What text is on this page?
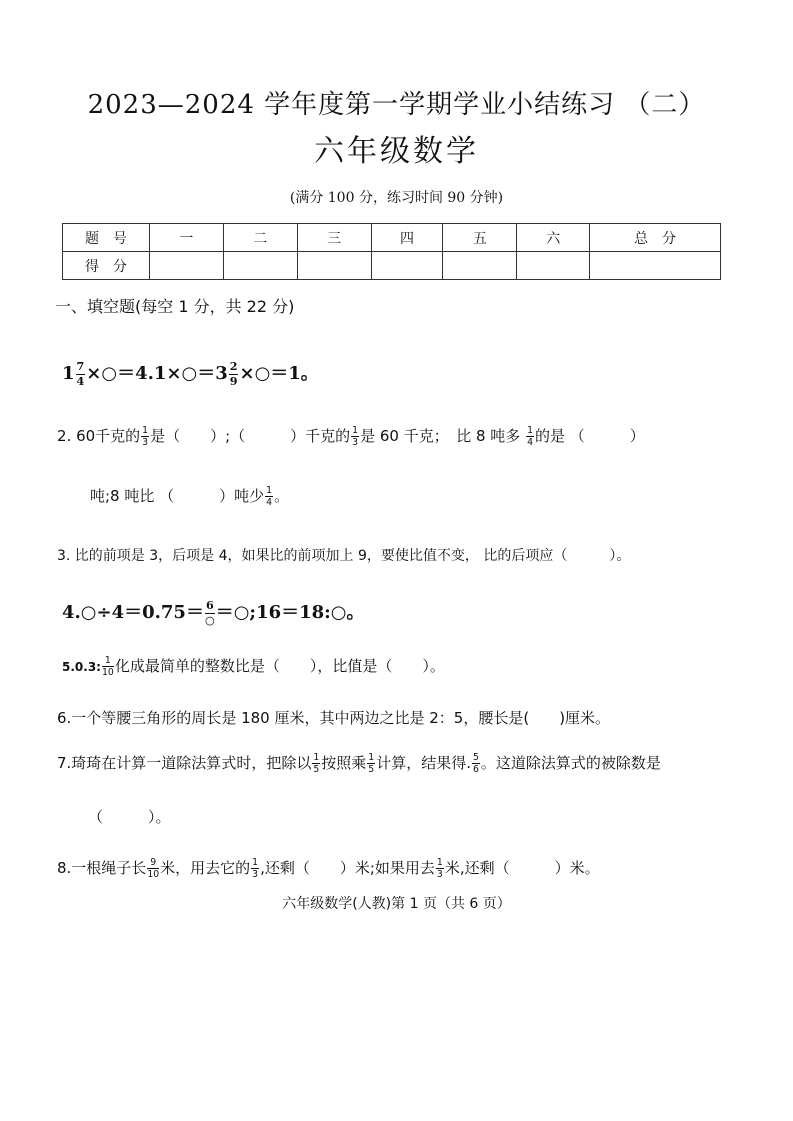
2023—2024 学年度第一学期学业小结练习 （二）
六年级数学
(满分 100 分，练习时间 90 分钟)
题　号	一	二	三	四	五	六	总　分
得　分							
一、填空题(每空 1 分，共 22 分)
$1 \frac{7}{4}$ ×○＝4.1×○＝3 $\frac{2}{9}$ ×○＝1。
2. 60千克的 $\frac{1}{3}$ 是（　　）;（　　　）千克的 $\frac{1}{3}$ 是 60 千克；　比 8 吨多 $\frac{1}{4}$ 的是 （　　　）
吨;8 吨比 （　　　）吨少 $\frac{1}{4}$ 。
3. 比的前项是 3，后项是 4，如果比的前项加上 9，要使比值不变， 比的后项应（　　　）。
4.○÷4＝0.75＝ $\frac{6}{○}$ ＝○;16＝18:○。
5.0.3: $\frac{1}{10}$ 化成最简单的整数比是（　　），比值是（　　）。
6.一个等腰三角形的周长是 180 厘米，其中两边之比是 2：5，腰长是(　　)厘米。
7.琦琦在计算一道除法算式时，把除以 $\frac{1}{5}$ 按照乘 $\frac{1}{5}$ 计算，结果得. $\frac{5}{6}$ 。这道除法算式的被除数是
（　　　）。
8.一根绳子长 $\frac{9}{10}$ 米，用去它的 $\frac{1}{3}$ ,还剩（　　）米;如果用去 $\frac{1}{3}$ 米,还剩（　　　）米。
六年级数学(人教)第 1 页（共 6 页）
